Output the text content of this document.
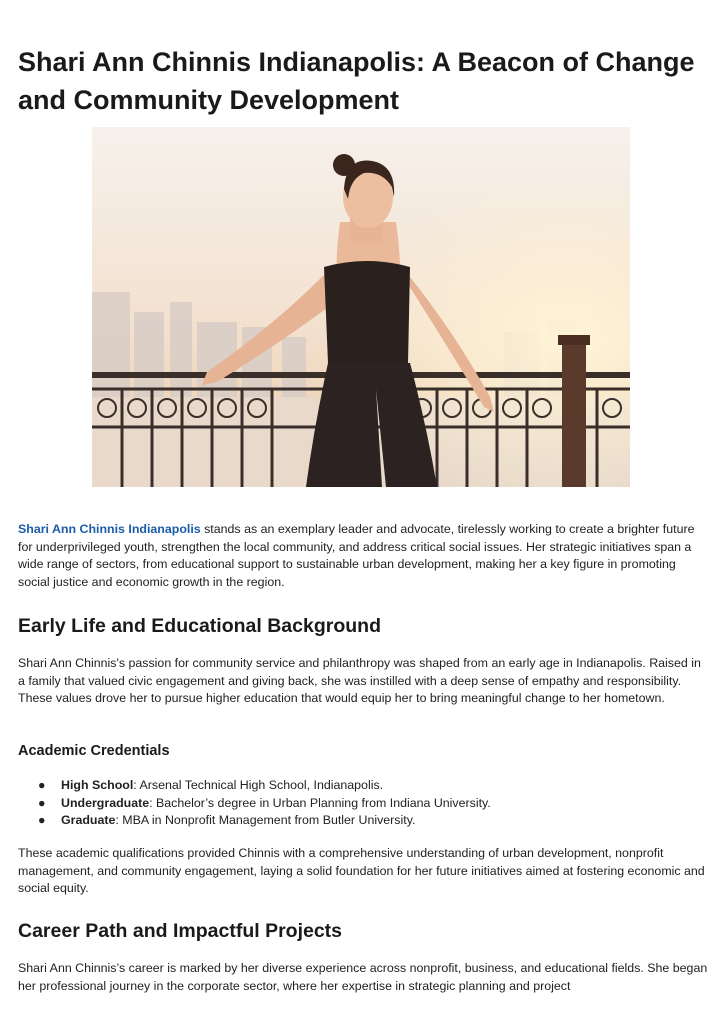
Shari Ann Chinnis Indianapolis: A Beacon of Change and Community Development

Shari Ann Chinnis Indianapolis stands as an exemplary leader and advocate, tirelessly working to create a brighter future for underprivileged youth, strengthen the local community, and address critical social issues. Her strategic initiatives span a wide range of sectors, from educational support to sustainable urban development, making her a key figure in promoting social justice and economic growth in the region.

Early Life and Educational Background

Shari Ann Chinnis's passion for community service and philanthropy was shaped from an early age in Indianapolis. Raised in a family that valued civic engagement and giving back, she was instilled with a deep sense of empathy and responsibility. These values drove her to pursue higher education that would equip her to bring meaningful change to her hometown.

Academic Credentials
● High School: Arsenal Technical High School, Indianapolis.
● Undergraduate: Bachelor’s degree in Urban Planning from Indiana University.
● Graduate: MBA in Nonprofit Management from Butler University.

These academic qualifications provided Chinnis with a comprehensive understanding of urban development, nonprofit management, and community engagement, laying a solid foundation for her future initiatives aimed at fostering economic and social equity.

Career Path and Impactful Projects

Shari Ann Chinnis’s career is marked by her diverse experience across nonprofit, business, and educational fields. She began her professional journey in the corporate sector, where her expertise in strategic planning and project
